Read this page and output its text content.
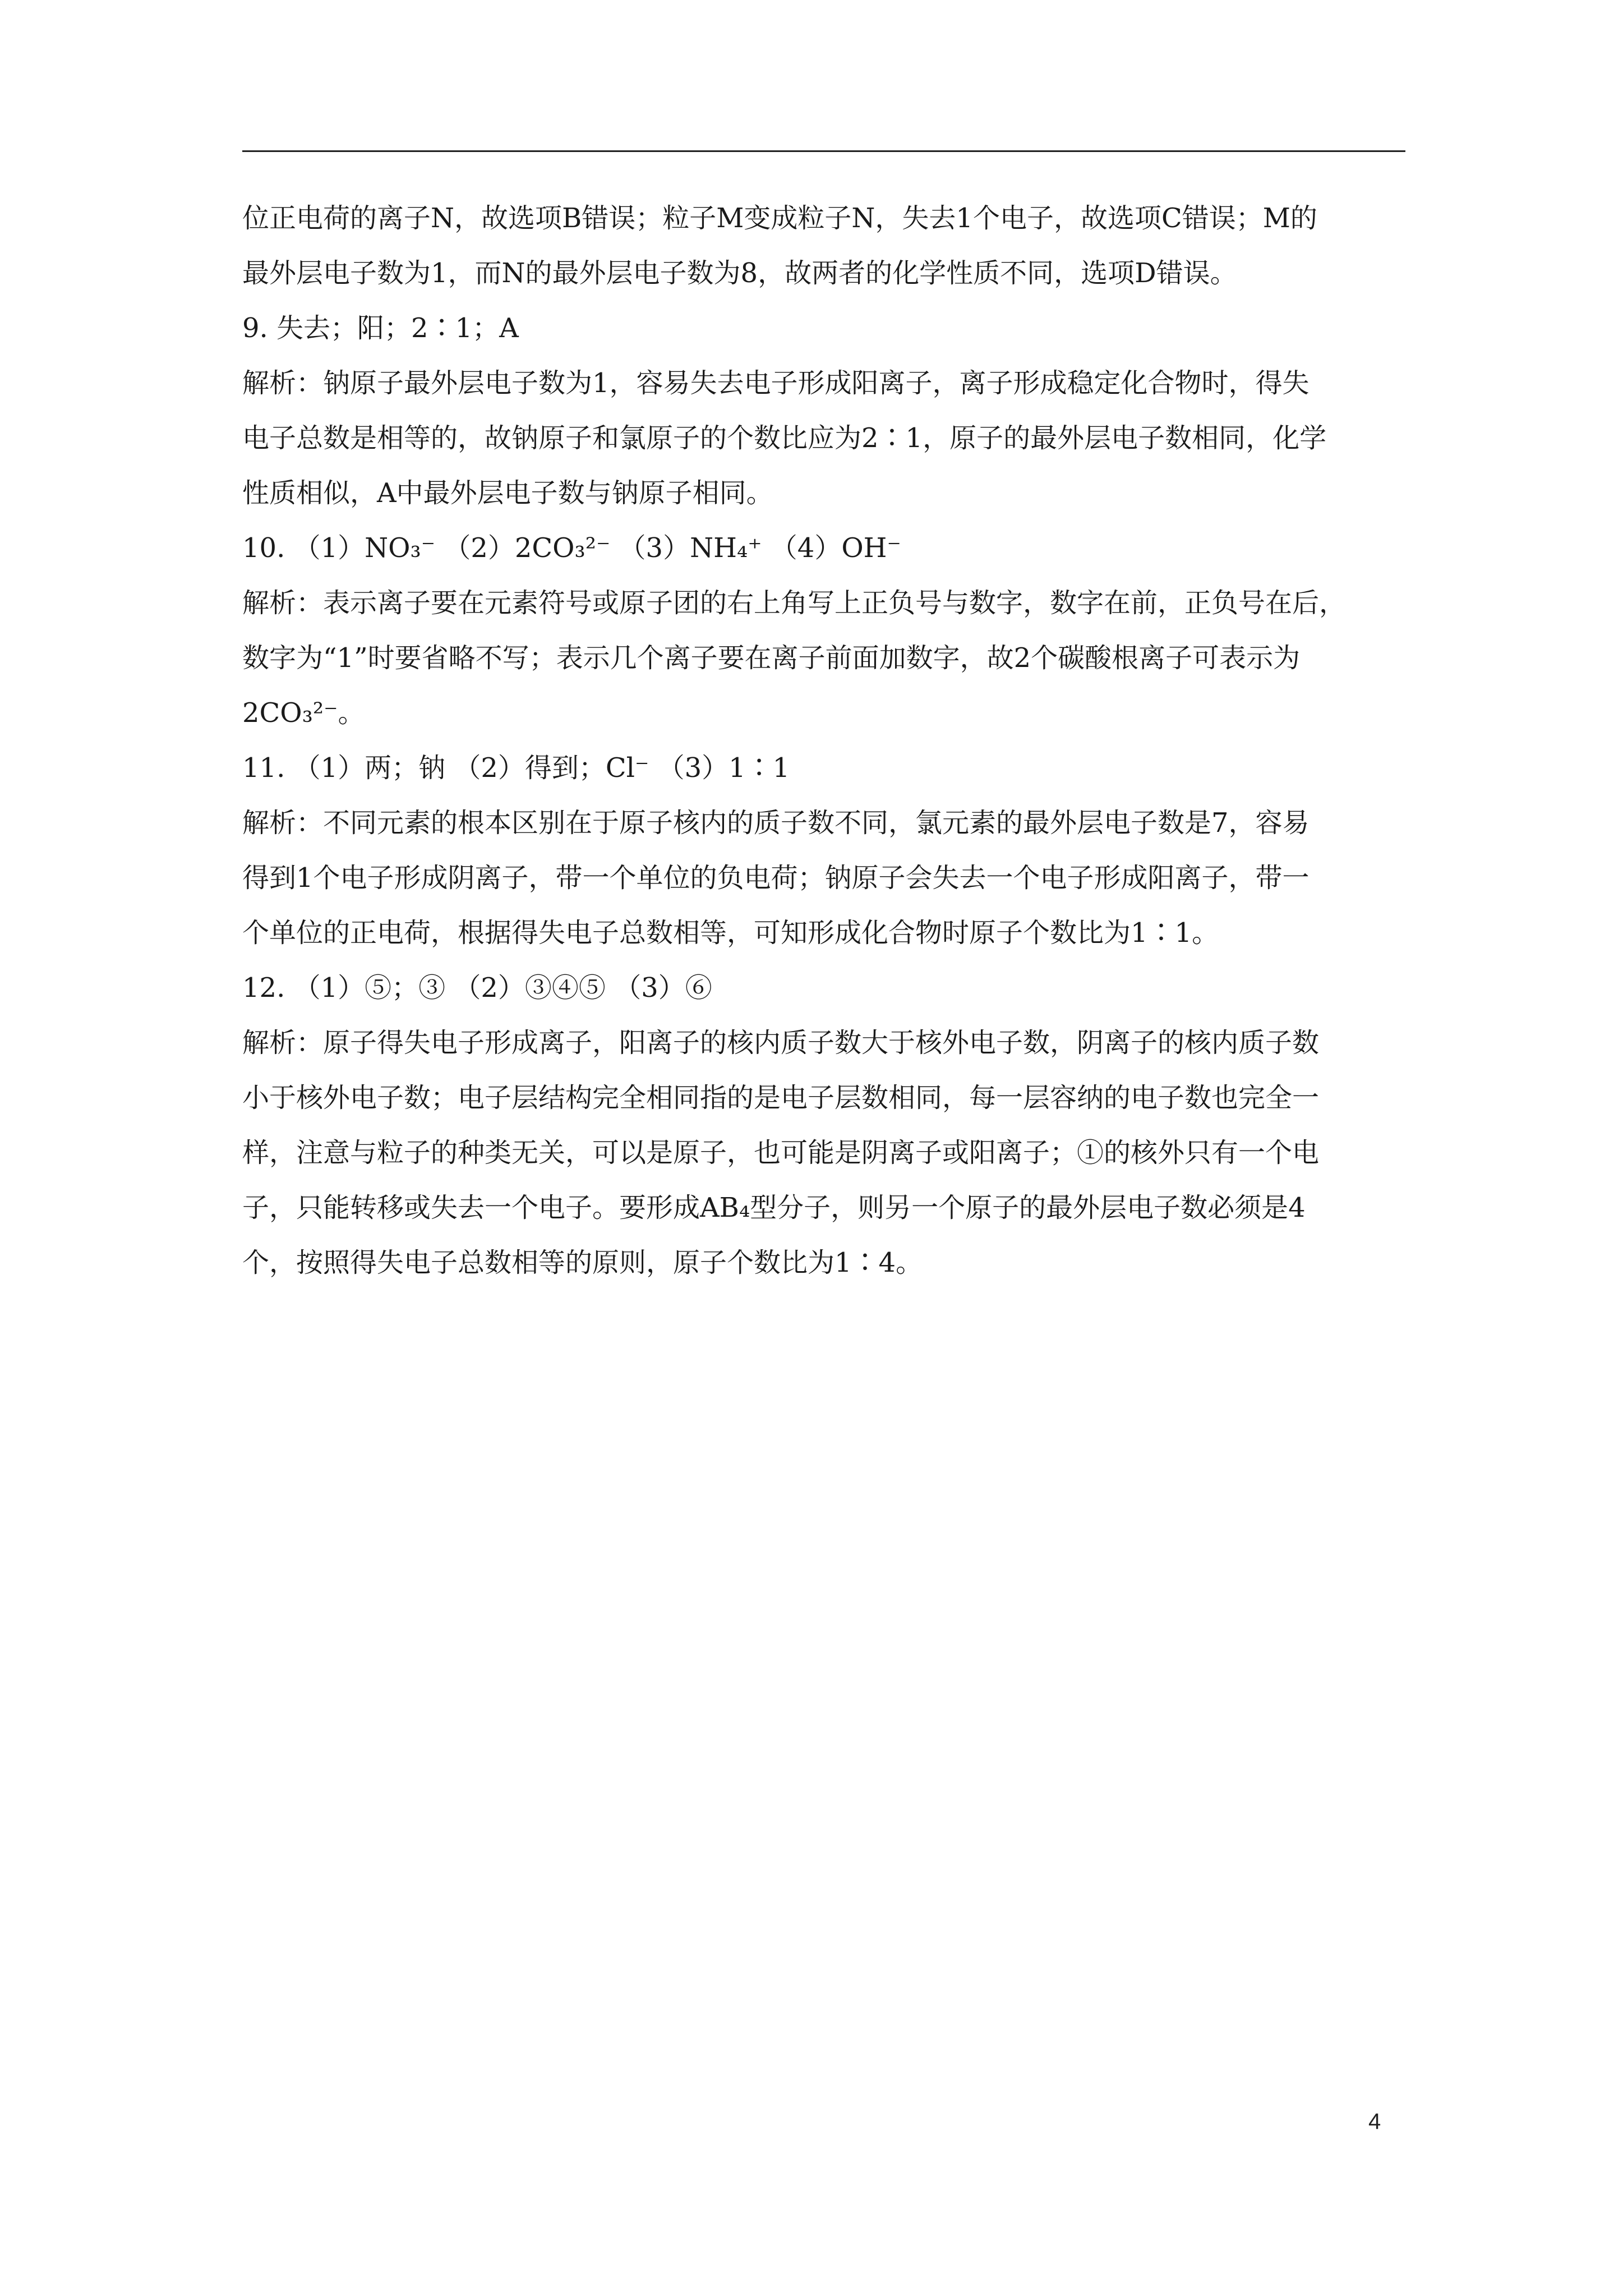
位正电荷的离子N，故选项B错误；粒子M变成粒子N，失去1个电子，故选项C错误；M的
最外层电子数为1，而N的最外层电子数为8，故两者的化学性质不同，选项D错误。
9. 失去；阳；2∶1；A
解析：钠原子最外层电子数为1，容易失去电子形成阳离子，离子形成稳定化合物时，得失
电子总数是相等的，故钠原子和氯原子的个数比应为2∶1，原子的最外层电子数相同，化学
性质相似，A中最外层电子数与钠原子相同。
10. （1）NO₃⁻ （2）2CO₃²⁻ （3）NH₄⁺ （4）OH⁻
解析：表示离子要在元素符号或原子团的右上角写上正负号与数字，数字在前，正负号在后，
数字为“1”时要省略不写；表示几个离子要在离子前面加数字，故2个碳酸根离子可表示为
2CO₃²⁻。
11. （1）两；钠 （2）得到；Cl⁻ （3）1∶1
解析：不同元素的根本区别在于原子核内的质子数不同，氯元素的最外层电子数是7，容易
得到1个电子形成阴离子，带一个单位的负电荷；钠原子会失去一个电子形成阳离子，带一
个单位的正电荷，根据得失电子总数相等，可知形成化合物时原子个数比为1∶1。
12. （1）⑤；③ （2）③④⑤ （3）⑥
解析：原子得失电子形成离子，阳离子的核内质子数大于核外电子数，阴离子的核内质子数
小于核外电子数；电子层结构完全相同指的是电子层数相同，每一层容纳的电子数也完全一
样，注意与粒子的种类无关，可以是原子，也可能是阴离子或阳离子；①的核外只有一个电
子，只能转移或失去一个电子。要形成AB₄型分子，则另一个原子的最外层电子数必须是4
个，按照得失电子总数相等的原则，原子个数比为1∶4。
4
